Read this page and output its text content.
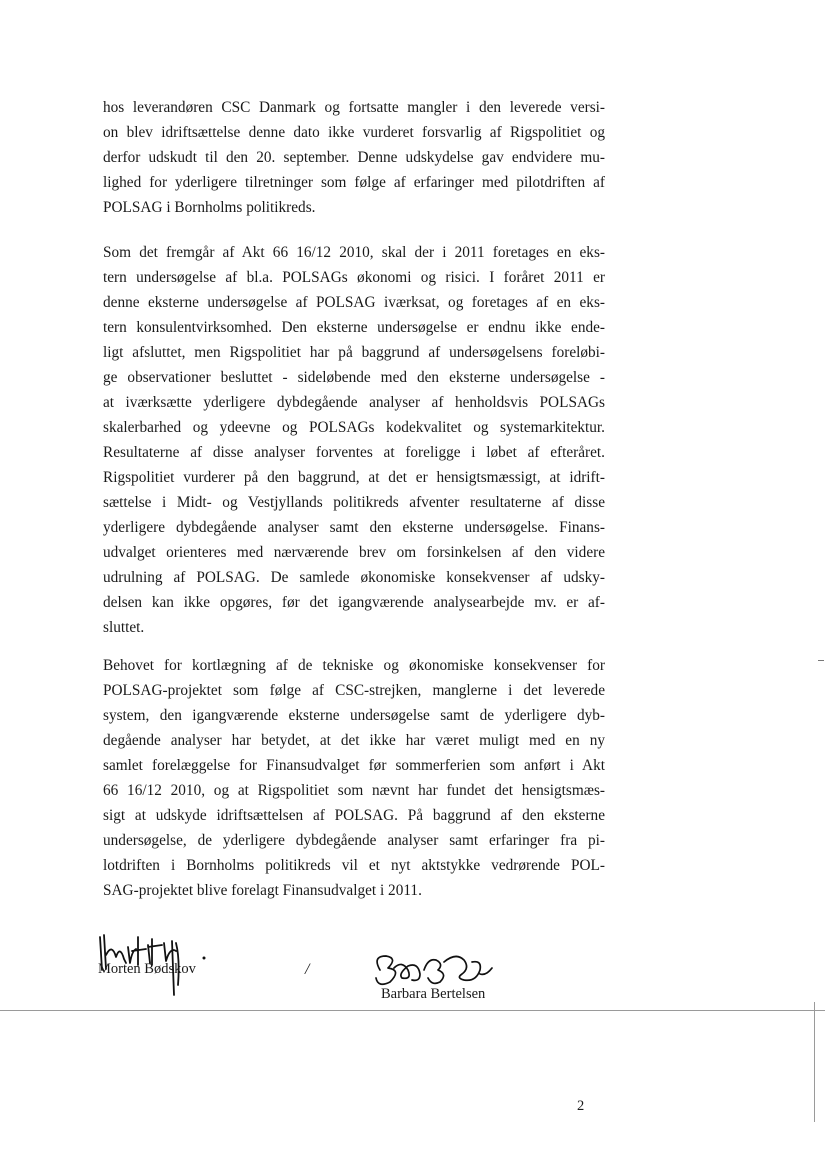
hos leverandøren CSC Danmark og fortsatte mangler i den leverede versi-
on blev idriftsættelse denne dato ikke vurderet forsvarlig af Rigspolitiet og
derfor udskudt til den 20. september. Denne udskydelse gav endvidere mu-
lighed for yderligere tilretninger som følge af erfaringer med pilotdriften af
POLSAG i Bornholms politikreds.

Som det fremgår af Akt 66 16/12 2010, skal der i 2011 foretages en eks-
tern undersøgelse af bl.a. POLSAGs økonomi og risici. I foråret 2011 er
denne eksterne undersøgelse af POLSAG iværksat, og foretages af en eks-
tern konsulentvirksomhed. Den eksterne undersøgelse er endnu ikke ende-
ligt afsluttet, men Rigspolitiet har på baggrund af undersøgelsens foreløbi-
ge observationer besluttet - sideløbende med den eksterne undersøgelse -
at iværksætte yderligere dybdegående analyser af henholdsvis POLSAGs
skalerbarhed og ydeevne og POLSAGs kodekvalitet og systemarkitektur.
Resultaterne af disse analyser forventes at foreligge i løbet af efteråret.
Rigspolitiet vurderer på den baggrund, at det er hensigtsmæssigt, at idrift-
sættelse i Midt- og Vestjyllands politikreds afventer resultaterne af disse
yderligere dybdegående analyser samt den eksterne undersøgelse. Finans-
udvalget orienteres med nærværende brev om forsinkelsen af den videre
udrulning af POLSAG. De samlede økonomiske konsekvenser af udsky-
delsen kan ikke opgøres, før det igangværende analysearbejde mv. er af-
sluttet.

Behovet for kortlægning af de tekniske og økonomiske konsekvenser for
POLSAG-projektet som følge af CSC-strejken, manglerne i det leverede
system, den igangværende eksterne undersøgelse samt de yderligere dyb-
degående analyser har betydet, at det ikke har været muligt med en ny
samlet forelæggelse for Finansudvalget før sommerferien som anført i Akt
66 16/12 2010, og at Rigspolitiet som nævnt har fundet det hensigtsmæs-
sigt at udskyde idriftsættelsen af POLSAG. På baggrund af den eksterne
undersøgelse, de yderligere dybdegående analyser samt erfaringer fra pi-
lotdriften i Bornholms politikreds vil et nyt aktstykke vedrørende POL-
SAG-projektet blive forelagt Finansudvalget i 2011.

Morten Bødskov	/
Barbara Bertelsen
2
